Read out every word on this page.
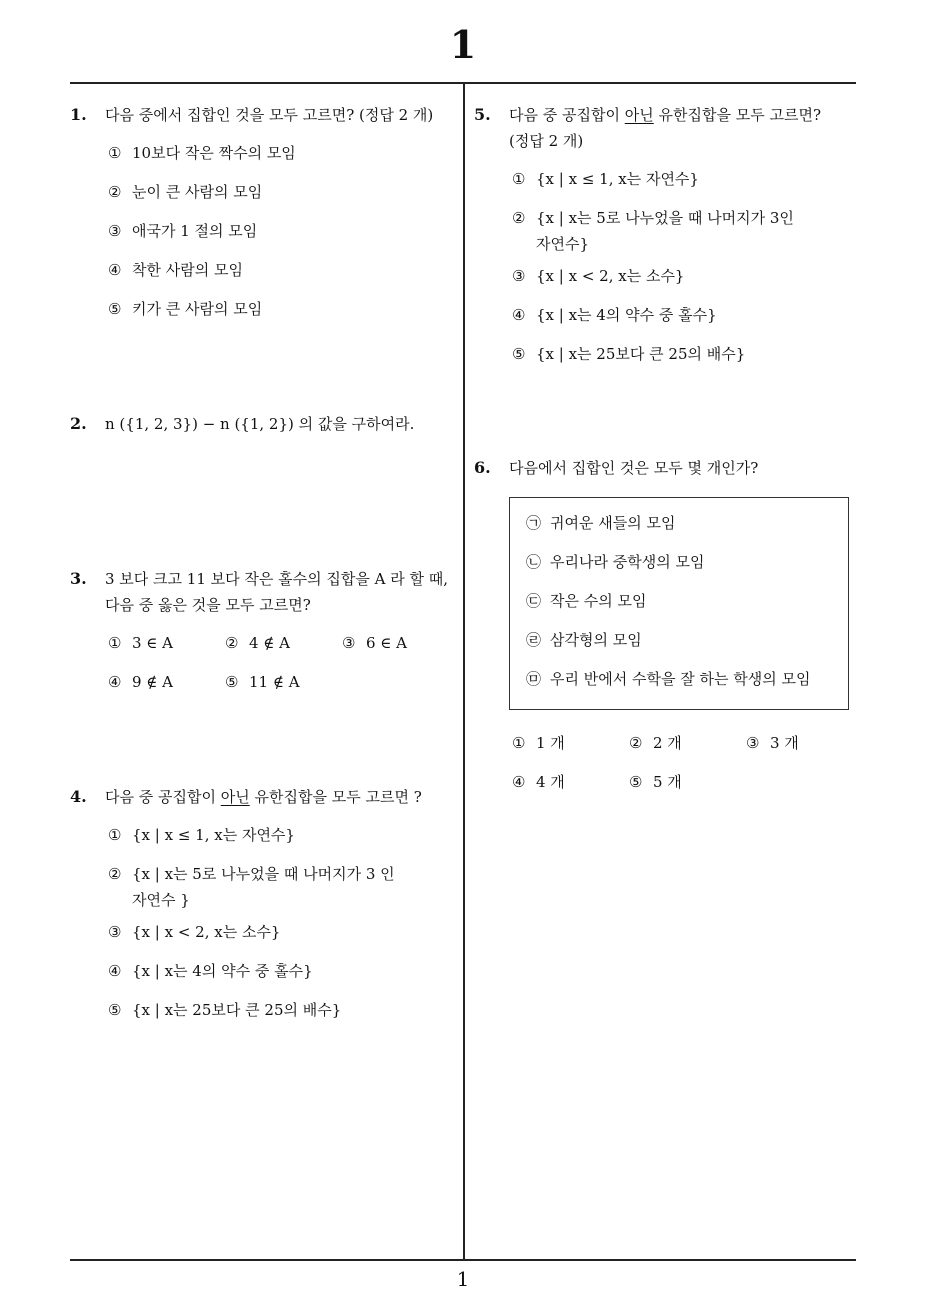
1
1
1. 다음 중에서 집합인 것을 모두 고르면? (정답 2 개)
① 10보다 작은 짝수의 모임
② 눈이 큰 사람의 모임
③ 애국가 1 절의 모임
④ 착한 사람의 모임
⑤ 키가 큰 사람의 모임
2. n ({1, 2, 3}) − n ({1, 2}) 의 값을 구하여라.
3. 3 보다 크고 11 보다 작은 홀수의 집합을 A 라 할 때, 다음 중 옳은 것을 모두 고르면?
① 3 ∈ A	② 4 ∉ A	③ 6 ∈ A
④ 9 ∉ A	⑤ 11 ∉ A
4. 다음 중 공집합이 아닌 유한집합을 모두 고르면 ?
① {x | x ≤ 1, x는 자연수}
② {x | x는 5로 나누었을 때 나머지가 3 인
자연수 }
③ {x | x < 2, x는 소수}
④ {x | x는 4의 약수 중 홀수}
⑤ {x | x는 25보다 큰 25의 배수}
5. 다음 중 공집합이 아닌 유한집합을 모두 고르면?
(정답 2 개)
① {x | x ≤ 1, x는 자연수}
② {x | x는 5로 나누었을 때 나머지가 3인
자연수}
③ {x | x < 2, x는 소수}
④ {x | x는 4의 약수 중 홀수}
⑤ {x | x는 25보다 큰 25의 배수}
6. 다음에서 집합인 것은 모두 몇 개인가?
㉠ 귀여운 새들의 모임
㉡ 우리나라 중학생의 모임
㉢ 작은 수의 모임
㉣ 삼각형의 모임
㉤ 우리 반에서 수학을 잘 하는 학생의 모임
① 1 개	② 2 개	③ 3 개
④ 4 개	⑤ 5 개
